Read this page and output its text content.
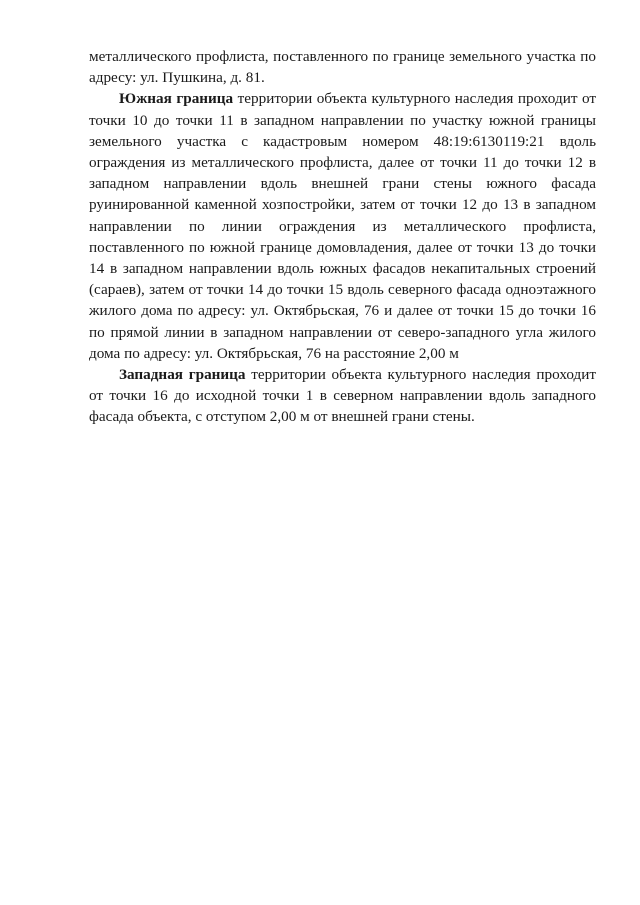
металлического профлиста, поставленного по границе земельного участка по адресу: ул. Пушкина, д. 81.

Южная граница территории объекта культурного наследия проходит от точки 10 до точки 11 в западном направлении по участку южной границы земельного участка с кадастровым номером 48:19:6130119:21 вдоль ограждения из металлического профлиста, далее от точки 11 до точки 12 в западном направлении вдоль внешней грани стены южного фасада руинированной каменной хозпостройки, затем от точки 12 до 13 в западном направлении по линии ограждения из металлического профлиста, поставленного по южной границе домовладения, далее от точки 13 до точки 14 в западном направлении вдоль южных фасадов некапитальных строений (сараев), затем от точки 14 до точки 15 вдоль северного фасада одноэтажного жилого дома по адресу: ул. Октябрьская, 76 и далее от точки 15 до точки 16 по прямой линии в западном направлении от северо-западного угла жилого дома по адресу: ул. Октябрьская, 76 на расстояние 2,00 м

Западная граница территории объекта культурного наследия проходит от точки 16 до исходной точки 1 в северном направлении вдоль западного фасада объекта, с отступом 2,00 м от внешней грани стены.
